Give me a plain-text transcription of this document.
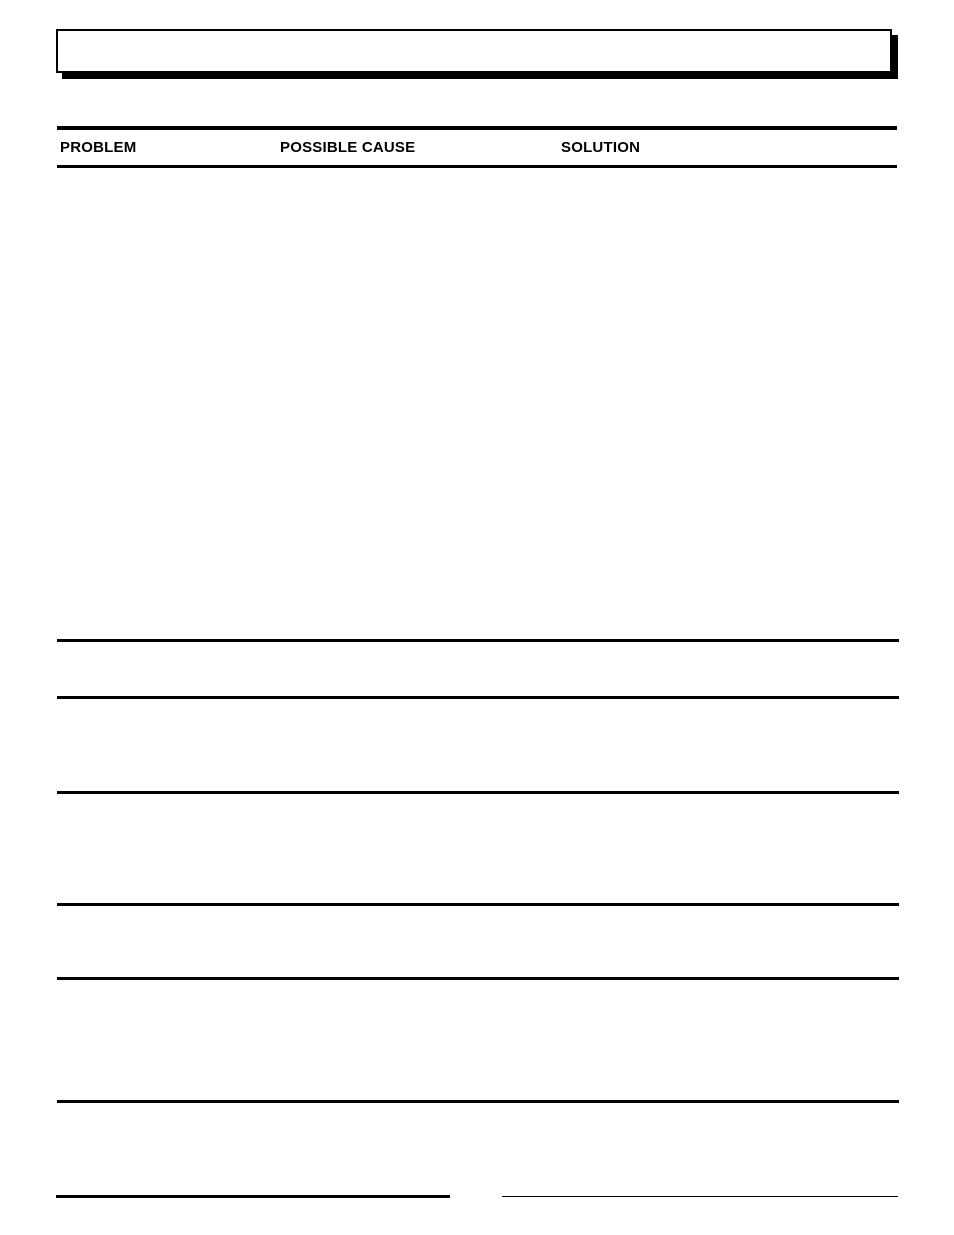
PROBLEM	POSSIBLE CAUSE	SOLUTION
